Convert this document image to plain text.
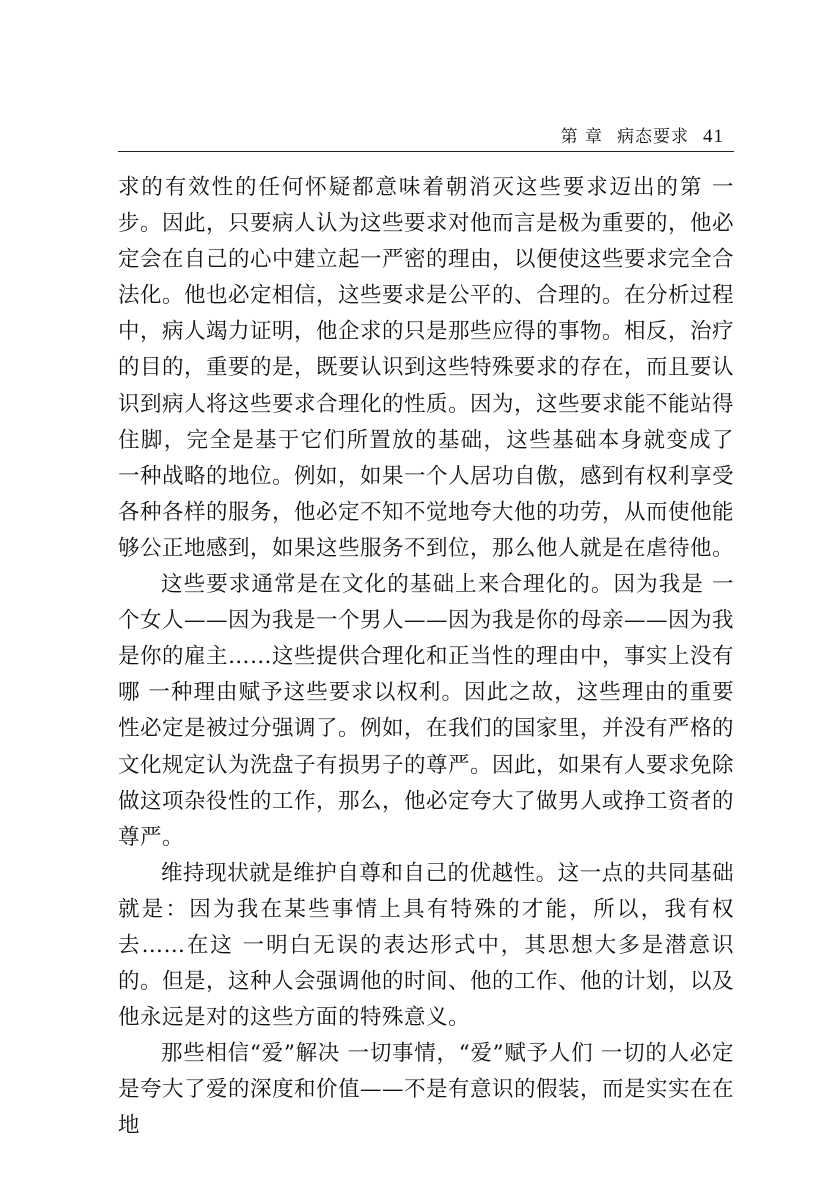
第 章 病态要求 41

求的有效性的任何怀疑都意味着朝消灭这些要求迈出的第 一步。因此，只要病人认为这些要求对他而言是极为重要的，他必定会在自己的心中建立起一严密的理由，以便使这些要求完全合法化。他也必定相信，这些要求是公平的、合理的。在分析过程中，病人竭力证明，他企求的只是那些应得的事物。相反，治疗的目的，重要的是，既要认识到这些特殊要求的存在，而且要认识到病人将这些要求合理化的性质。因为，这些要求能不能站得住脚，完全是基于它们所置放的基础，这些基础本身就变成了 一种战略的地位。例如，如果一个人居功自傲，感到有权利享受各种各样的服务，他必定不知不觉地夸大他的功劳，从而使他能够公正地感到，如果这些服务不到位，那么他人就是在虐待他。

这些要求通常是在文化的基础上来合理化的。因为我是 一个女人——因为我是一个男人——因为我是你的母亲——因为我是你的雇主……这些提供合理化和正当性的理由中，事实上没有哪 一种理由赋予这些要求以权利。因此之故，这些理由的重要性必定是被过分强调了。例如，在我们的国家里，并没有严格的文化规定认为洗盘子有损男子的尊严。因此，如果有人要求免除做这项杂役性的工作，那么，他必定夸大了做男人或挣工资者的尊严。

维持现状就是维护自尊和自己的优越性。这一点的共同基础就是：因为我在某些事情上具有特殊的才能，所以，我有权去……在这 一明白无误的表达形式中，其思想大多是潜意识的。但是，这种人会强调他的时间、他的工作、他的计划，以及他永远是对的这些方面的特殊意义。

那些相信“爱”解决 一切事情，“爱”赋予人们 一切的人必定是夸大了爱的深度和价值——不是有意识的假装，而是实实在在地
